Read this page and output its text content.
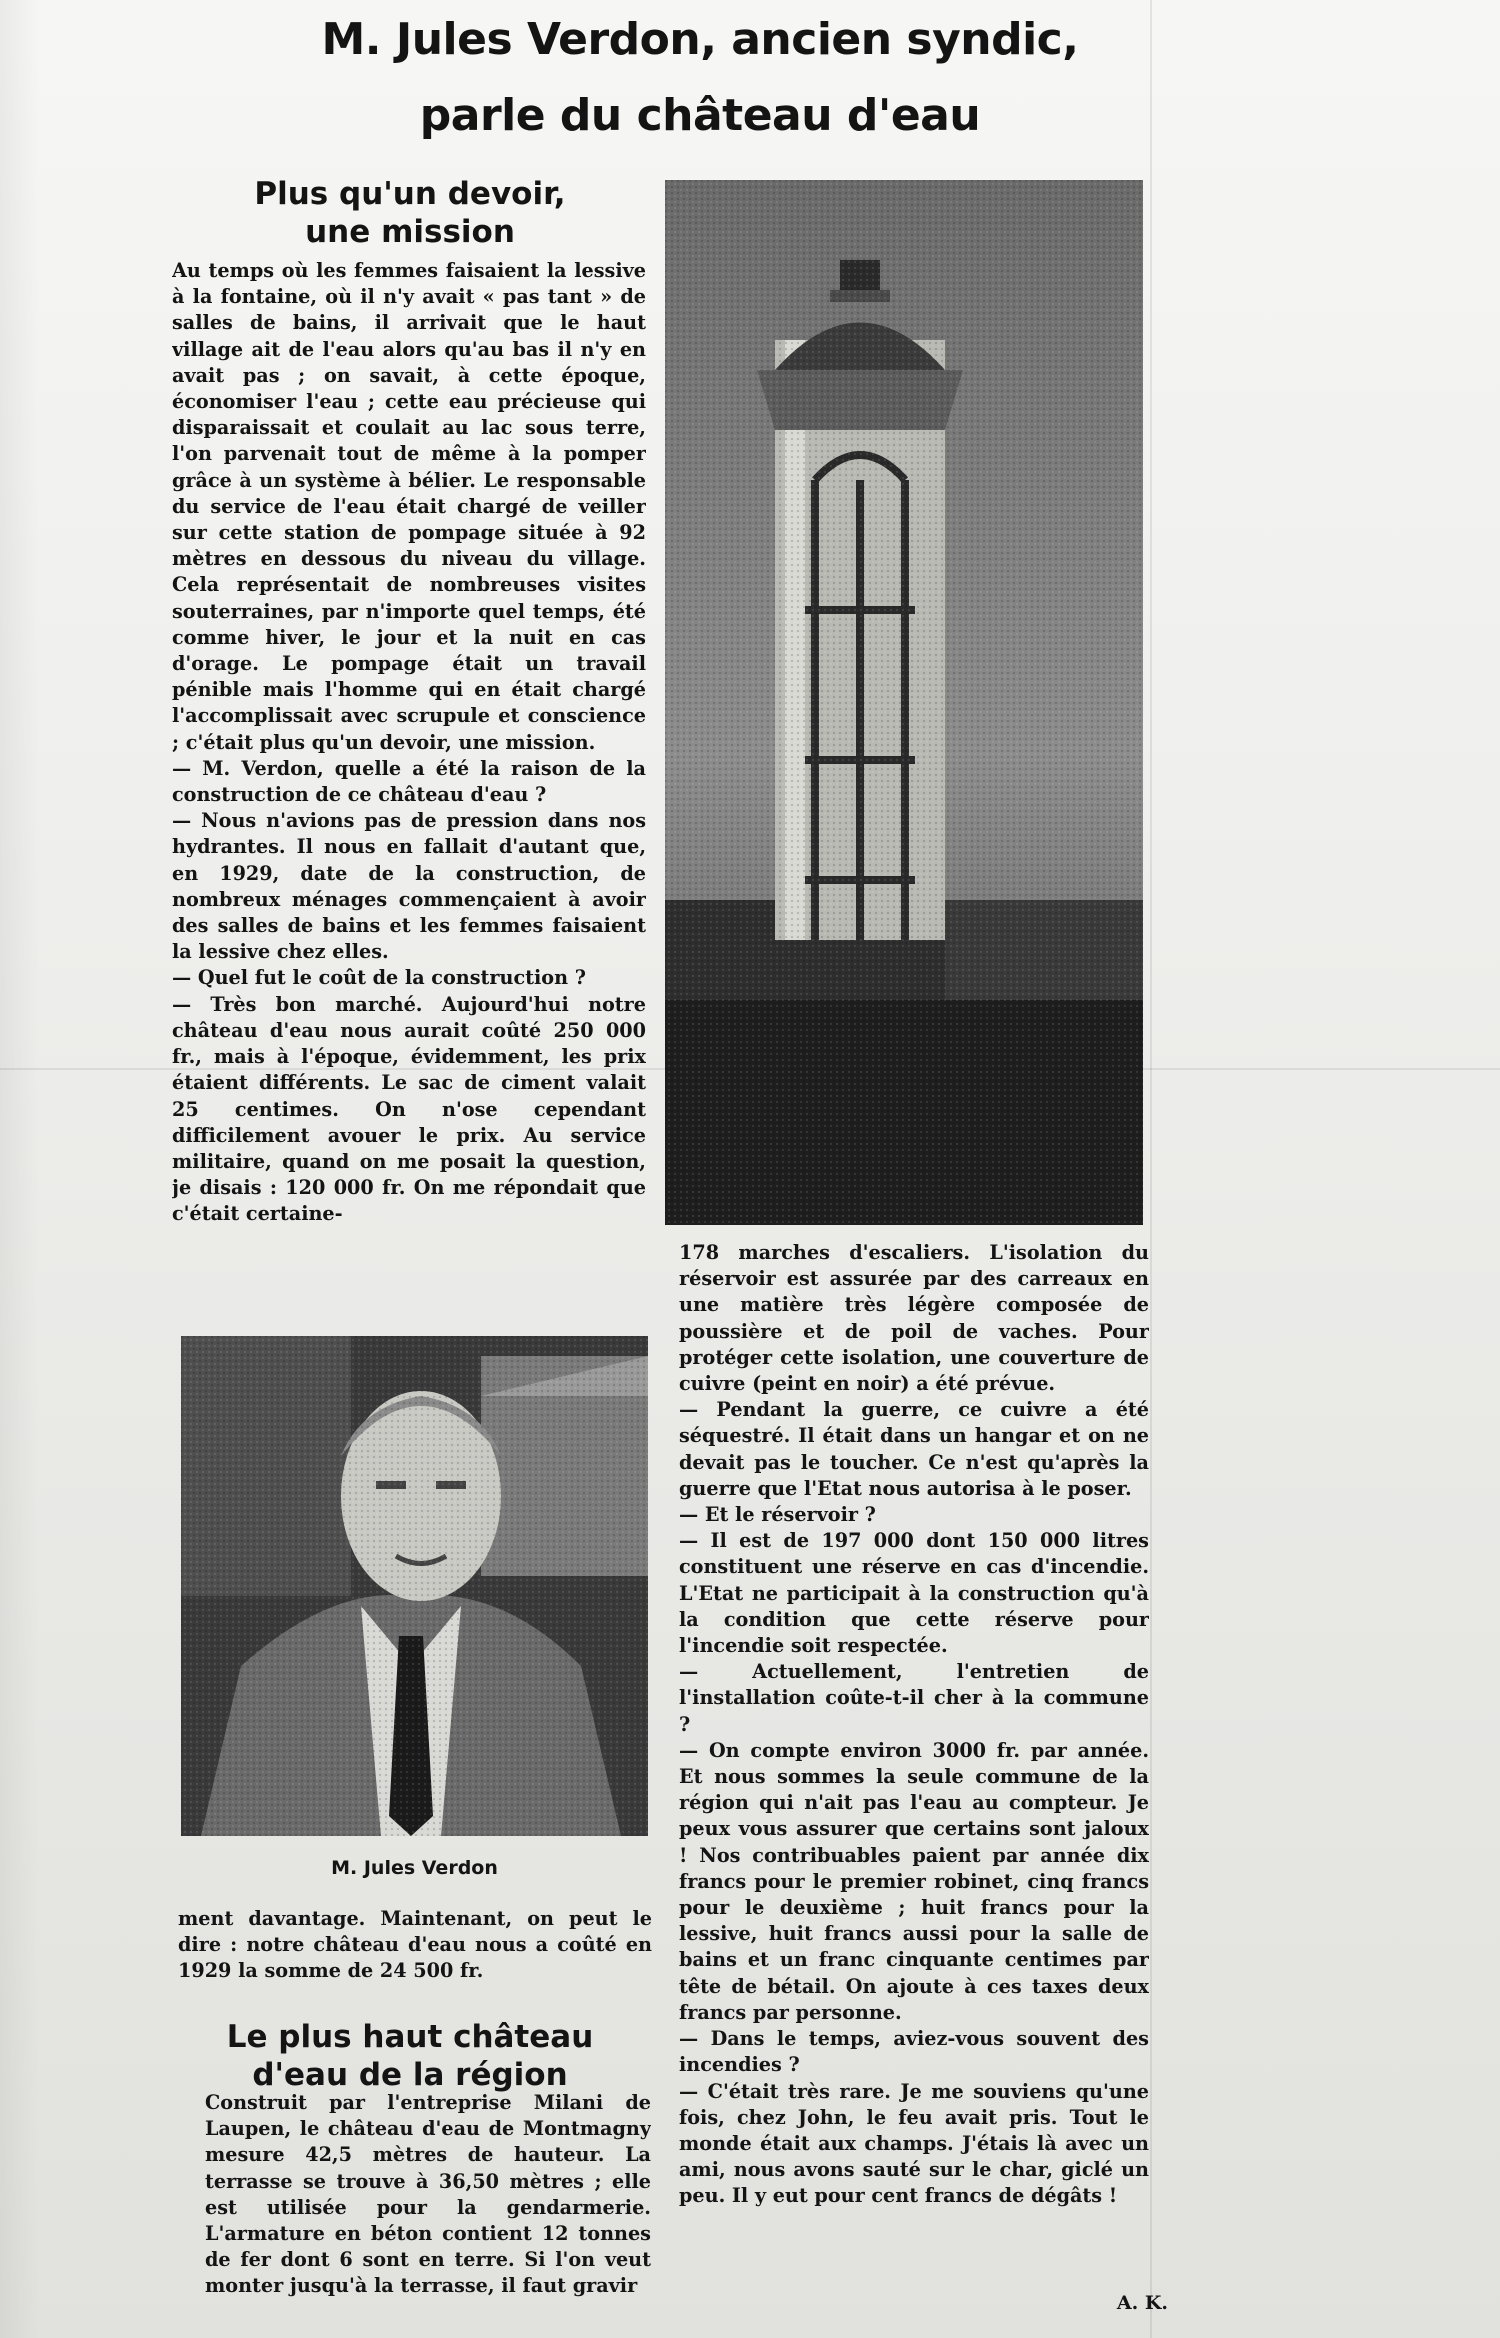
M. Jules Verdon, ancien syndic,
parle du château d'eau
Plus qu'un devoir,
une mission

Au temps où les femmes faisaient la lessive à la fontaine, où il n'y avait « pas tant » de salles de bains, il arrivait que le haut village ait de l'eau alors qu'au bas il n'y en avait pas ; on savait, à cette époque, économiser l'eau ; cette eau précieuse qui disparaissait et coulait au lac sous terre, l'on parvenait tout de même à la pomper grâce à un système à bélier. Le responsable du service de l'eau était chargé de veiller sur cette station de pompage située à 92 mètres en dessous du niveau du village. Cela représentait de nombreuses visites souterraines, par n'importe quel temps, été comme hiver, le jour et la nuit en cas d'orage. Le pompage était un travail pénible mais l'homme qui en était chargé l'accomplissait avec scrupule et conscience ; c'était plus qu'un devoir, une mission.
— M. Verdon, quelle a été la raison de la construction de ce château d'eau ?
— Nous n'avions pas de pression dans nos hydrantes. Il nous en fallait d'autant que, en 1929, date de la construction, de nombreux ménages commençaient à avoir des salles de bains et les femmes faisaient la lessive chez elles.
— Quel fut le coût de la construction ?
— Très bon marché. Aujourd'hui notre château d'eau nous aurait coûté 250 000 fr., mais à l'époque, évidemment, les prix étaient différents. Le sac de ciment valait 25 centimes. On n'ose cependant difficilement avouer le prix. Au service militaire, quand on me posait la question, je disais : 120 000 fr. On me répondait que c'était certaine-

M. Jules Verdon

ment davantage. Maintenant, on peut le dire : notre château d'eau nous a coûté en 1929 la somme de 24 500 fr.

Le plus haut château
d'eau de la région

Construit par l'entreprise Milani de Laupen, le château d'eau de Montmagny mesure 42,5 mètres de hauteur. La terrasse se trouve à 36,50 mètres ; elle est utilisée pour la gendarmerie. L'armature en béton contient 12 tonnes de fer dont 6 sont en terre. Si l'on veut monter jusqu'à la terrasse, il faut gravir

178 marches d'escaliers. L'isolation du réservoir est assurée par des carreaux en une matière très légère composée de poussière et de poil de vaches. Pour protéger cette isolation, une couverture de cuivre (peint en noir) a été prévue.
— Pendant la guerre, ce cuivre a été séquestré. Il était dans un hangar et on ne devait pas le toucher. Ce n'est qu'après la guerre que l'Etat nous autorisa à le poser.
— Et le réservoir ?
— Il est de 197 000 dont 150 000 litres constituent une réserve en cas d'incendie. L'Etat ne participait à la construction qu'à la condition que cette réserve pour l'incendie soit respectée.
— Actuellement, l'entretien de l'installation coûte-t-il cher à la commune ?
— On compte environ 3000 fr. par année. Et nous sommes la seule commune de la région qui n'ait pas l'eau au compteur. Je peux vous assurer que certains sont jaloux ! Nos contribuables paient par année dix francs pour le premier robinet, cinq francs pour le deuxième ; huit francs pour la lessive, huit francs aussi pour la salle de bains et un franc cinquante centimes par tête de bétail. On ajoute à ces taxes deux francs par personne.
— Dans le temps, aviez-vous souvent des incendies ?
— C'était très rare. Je me souviens qu'une fois, chez John, le feu avait pris. Tout le monde était aux champs. J'étais là avec un ami, nous avons sauté sur le char, giclé un peu. Il y eut pour cent francs de dégâts !

A. K.
